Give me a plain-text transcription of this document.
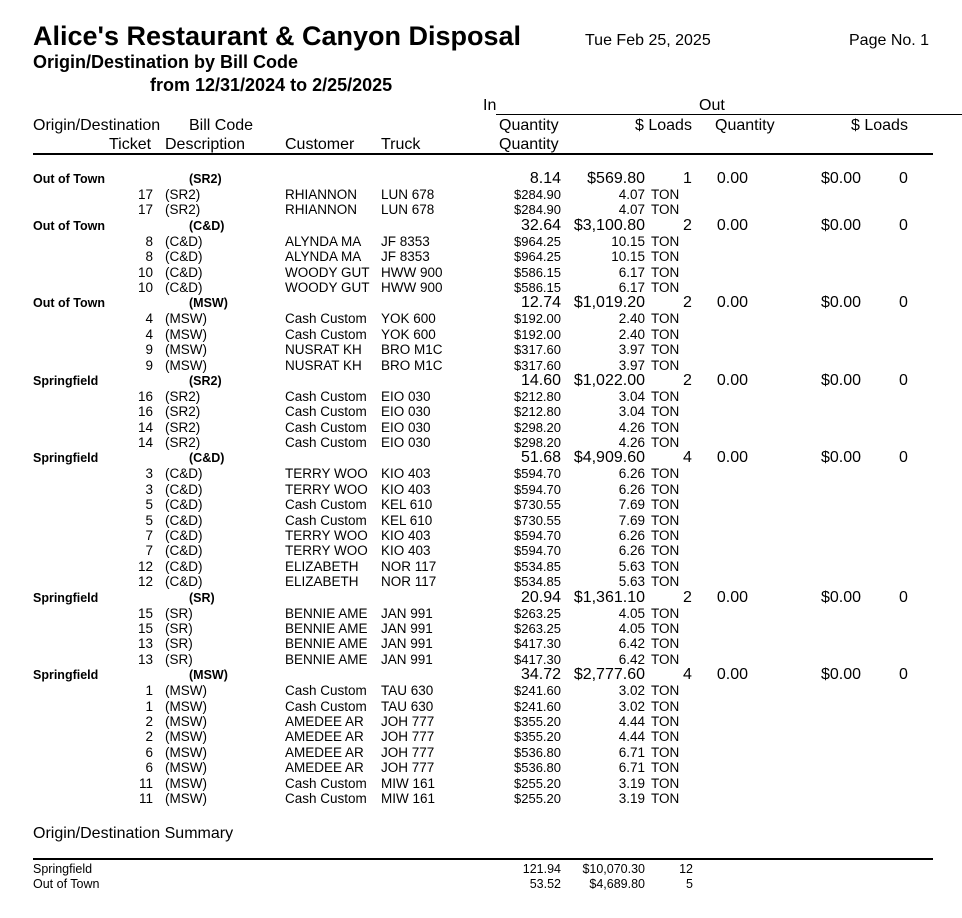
Alice's Restaurant & Canyon Disposal
Origin/Destination by Bill Code
from 12/31/2024 to 2/25/2025
Tue Feb 25, 2025	Page No. 1
In	Out
Origin/Destination Bill Code	Quantity	$ Loads Quantity	$ Loads
Ticket Description Customer Truck	Quantity
Out of Town	(SR2)	8.14 $569.80 1 0.00	$0.00 0
17 (SR2)	RHIANNON LUN 678	$284.90	4.07 TON
17 (SR2)	RHIANNON LUN 678	$284.90	4.07 TON
Out of Town	(C&D)	32.64 $3,100.80 2 0.00	$0.00 0
8 (C&D)	ALYNDA MA JF 8353	$964.25	10.15 TON
8 (C&D)	ALYNDA MA JF 8353	$964.25	10.15 TON
10 (C&D)	WOODY GUT HWW 900	$586.15	6.17 TON
10 (C&D)	WOODY GUT HWW 900	$586.15	6.17 TON
Out of Town	(MSW)	12.74 $1,019.20 2 0.00	$0.00 0
4 (MSW)	Cash Custom YOK 600	$192.00	2.40 TON
4 (MSW)	Cash Custom YOK 600	$192.00	2.40 TON
9 (MSW)	NUSRAT KH BRO M1C	$317.60	3.97 TON
9 (MSW)	NUSRAT KH BRO M1C	$317.60	3.97 TON
Springfield	(SR2)	14.60 $1,022.00 2 0.00	$0.00 0
16 (SR2)	Cash Custom EIO 030	$212.80	3.04 TON
16 (SR2)	Cash Custom EIO 030	$212.80	3.04 TON
14 (SR2)	Cash Custom EIO 030	$298.20	4.26 TON
14 (SR2)	Cash Custom EIO 030	$298.20	4.26 TON
Springfield	(C&D)	51.68 $4,909.60 4 0.00	$0.00 0
3 (C&D)	TERRY WOO KIO 403	$594.70	6.26 TON
3 (C&D)	TERRY WOO KIO 403	$594.70	6.26 TON
5 (C&D)	Cash Custom KEL 610	$730.55	7.69 TON
5 (C&D)	Cash Custom KEL 610	$730.55	7.69 TON
7 (C&D)	TERRY WOO KIO 403	$594.70	6.26 TON
7 (C&D)	TERRY WOO KIO 403	$594.70	6.26 TON
12 (C&D)	ELIZABETH NOR 117	$534.85	5.63 TON
12 (C&D)	ELIZABETH NOR 117	$534.85	5.63 TON
Springfield	(SR)	20.94 $1,361.10 2 0.00	$0.00 0
15 (SR)	BENNIE AME JAN 991	$263.25	4.05 TON
15 (SR)	BENNIE AME JAN 991	$263.25	4.05 TON
13 (SR)	BENNIE AME JAN 991	$417.30	6.42 TON
13 (SR)	BENNIE AME JAN 991	$417.30	6.42 TON
Springfield	(MSW)	34.72 $2,777.60 4 0.00	$0.00 0
1 (MSW)	Cash Custom TAU 630	$241.60	3.02 TON
1 (MSW)	Cash Custom TAU 630	$241.60	3.02 TON
2 (MSW)	AMEDEE AR JOH 777	$355.20	4.44 TON
2 (MSW)	AMEDEE AR JOH 777	$355.20	4.44 TON
6 (MSW)	AMEDEE AR JOH 777	$536.80	6.71 TON
6 (MSW)	AMEDEE AR JOH 777	$536.80	6.71 TON
11 (MSW)	Cash Custom MIW 161	$255.20	3.19 TON
11 (MSW)	Cash Custom MIW 161	$255.20	3.19 TON
Origin/Destination Summary
Springfield	121.94 $10,070.30	12
Out of Town	53.52 $4,689.80	5
